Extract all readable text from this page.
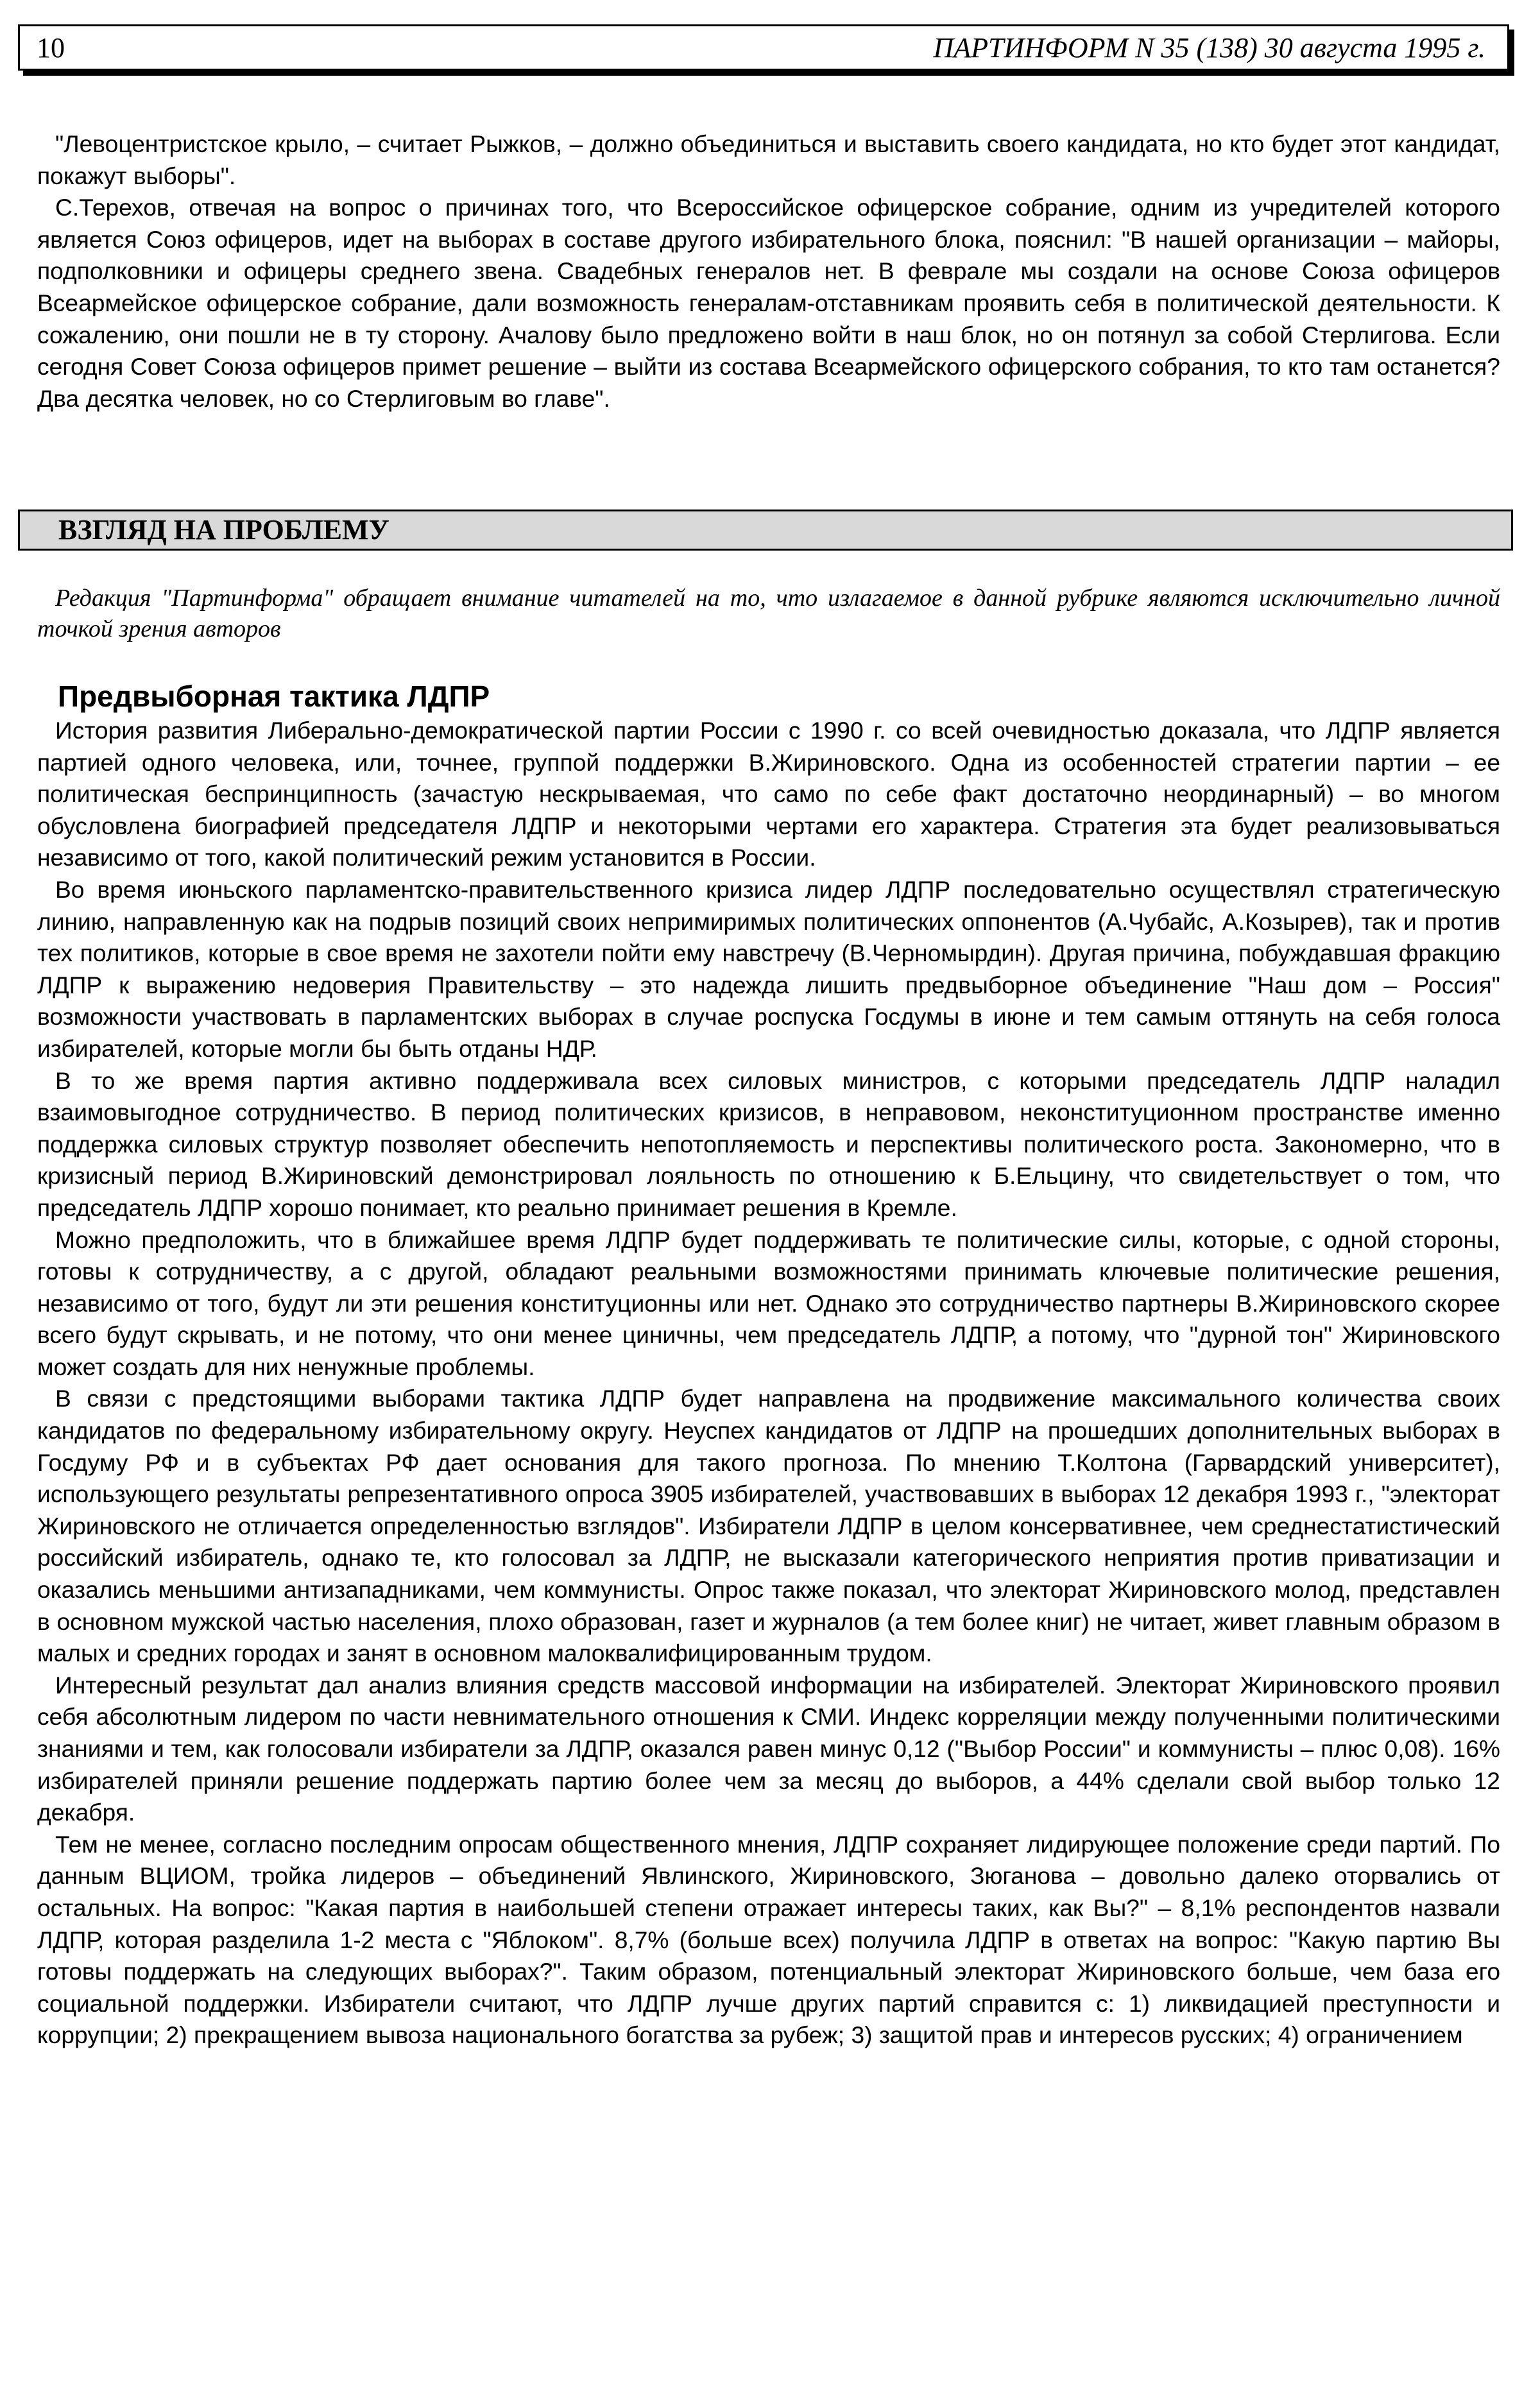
10	ПАРТИНФОРМ N 35 (138) 30 августа 1995 г.

"Левоцентристское крыло, – считает Рыжков, – должно объединиться и выставить своего кандидата, но кто будет этот кандидат, покажут выборы".

С.Терехов, отвечая на вопрос о причинах того, что Всероссийское офицерское собрание, одним из учредителей которого является Союз офицеров, идет на выборах в составе другого избирательного блока, пояснил: "В нашей организации – майоры, подполковники и офицеры среднего звена. Свадебных генералов нет. В феврале мы создали на основе Союза офицеров Всеармейское офицерское собрание, дали возможность генералам-отставникам проявить себя в политической деятельности. К сожалению, они пошли не в ту сторону. Ачалову было предложено войти в наш блок, но он потянул за собой Стерлигова. Если сегодня Совет Союза офицеров примет решение – выйти из состава Всеармейского офицерского собрания, то кто там останется? Два десятка человек, но со Стерлиговым во главе".

ВЗГЛЯД НА ПРОБЛЕМУ
Редакция "Партинформа" обращает внимание читателей на то, что излагаемое в данной рубрике являются исключительно личной точкой зрения авторов
Предвыборная тактика ЛДПР

История развития Либерально-демократической партии России с 1990 г. со всей очевидностью доказала, что ЛДПР является партией одного человека, или, точнее, группой поддержки В.Жириновского. Одна из особенностей стратегии партии – ее политическая беспринципность (зачастую нескрываемая, что само по себе факт достаточно неординарный) – во многом обусловлена биографией председателя ЛДПР и некоторыми чертами его характера. Стратегия эта будет реализовываться независимо от того, какой политический режим установится в России.

Во время июньского парламентско-правительственного кризиса лидер ЛДПР последовательно осуществлял стратегическую линию, направленную как на подрыв позиций своих непримиримых политических оппонентов (А.Чубайс, А.Козырев), так и против тех политиков, которые в свое время не захотели пойти ему навстречу (В.Черномырдин). Другая причина, побуждавшая фракцию ЛДПР к выражению недоверия Правительству – это надежда лишить предвыборное объединение "Наш дом – Россия" возможности участвовать в парламентских выборах в случае роспуска Госдумы в июне и тем самым оттянуть на себя голоса избирателей, которые могли бы быть отданы НДР.

В то же время партия активно поддерживала всех силовых министров, с которыми председатель ЛДПР наладил взаимовыгодное сотрудничество. В период политических кризисов, в неправовом, неконституционном пространстве именно поддержка силовых структур позволяет обеспечить непотопляемость и перспективы политического роста. Закономерно, что в кризисный период В.Жириновский демонстрировал лояльность по отношению к Б.Ельцину, что свидетельствует о том, что председатель ЛДПР хорошо понимает, кто реально принимает решения в Кремле.

Можно предположить, что в ближайшее время ЛДПР будет поддерживать те политические силы, которые, с одной стороны, готовы к сотрудничеству, а с другой, обладают реальными возможностями принимать ключевые политические решения, независимо от того, будут ли эти решения конституционны или нет. Однако это сотрудничество партнеры В.Жириновского скорее всего будут скрывать, и не потому, что они менее циничны, чем председатель ЛДПР, а потому, что "дурной тон" Жириновского может создать для них ненужные проблемы.

В связи с предстоящими выборами тактика ЛДПР будет направлена на продвижение максимального количества своих кандидатов по федеральному избирательному округу. Неуспех кандидатов от ЛДПР на прошедших дополнительных выборах в Госдуму РФ и в субъектах РФ дает основания для такого прогноза. По мнению Т.Колтона (Гарвардский университет), использующего результаты репрезентативного опроса 3905 избирателей, участвовавших в выборах 12 декабря 1993 г., "электорат Жириновского не отличается определенностью взглядов". Избиратели ЛДПР в целом консервативнее, чем среднестатистический российский избиратель, однако те, кто голосовал за ЛДПР, не высказали категорического неприятия против приватизации и оказались меньшими антизападниками, чем коммунисты. Опрос также показал, что электорат Жириновского молод, представлен в основном мужской частью населения, плохо образован, газет и журналов (а тем более книг) не читает, живет главным образом в малых и средних городах и занят в основном малоквалифицированным трудом.

Интересный результат дал анализ влияния средств массовой информации на избирателей. Электорат Жириновского проявил себя абсолютным лидером по части невнимательного отношения к СМИ. Индекс корреляции между полученными политическими знаниями и тем, как голосовали избиратели за ЛДПР, оказался равен минус 0,12 ("Выбор России" и коммунисты – плюс 0,08). 16% избирателей приняли решение поддержать партию более чем за месяц до выборов, а 44% сделали свой выбор только 12 декабря.

Тем не менее, согласно последним опросам общественного мнения, ЛДПР сохраняет лидирующее положение среди партий. По данным ВЦИОМ, тройка лидеров – объединений Явлинского, Жириновского, Зюганова – довольно далеко оторвались от остальных. На вопрос: "Какая партия в наибольшей степени отражает интересы таких, как Вы?" – 8,1% респондентов назвали ЛДПР, которая разделила 1-2 места с "Яблоком". 8,7% (больше всех) получила ЛДПР в ответах на вопрос: "Какую партию Вы готовы поддержать на следующих выборах?". Таким образом, потенциальный электорат Жириновского больше, чем база его социальной поддержки. Избиратели считают, что ЛДПР лучше других партий справится с: 1) ликвидацией преступности и коррупции; 2) прекращением вывоза национального богатства за рубеж; 3) защитой прав и интересов русских; 4) ограничением
